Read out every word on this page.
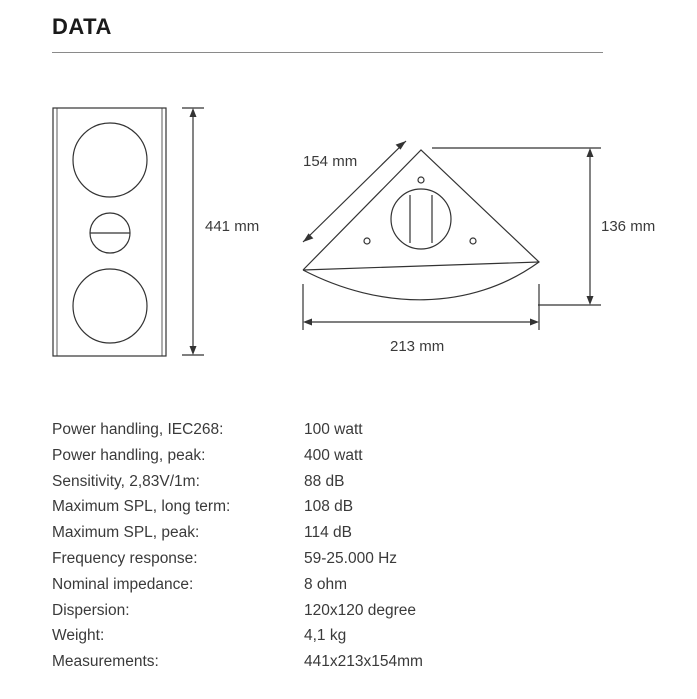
DATA
441 mm
154 mm
136 mm
213 mm
Power handling, IEC268:	100 watt
Power handling, peak:	400 watt
Sensitivity, 2,83V/1m:	88 dB
Maximum SPL, long term:	108 dB
Maximum SPL, peak:	114 dB
Frequency response:	59-25.000 Hz
Nominal impedance:	8 ohm
Dispersion:	120x120 degree
Weight:	4,1 kg
Measurements:	441x213x154mm
